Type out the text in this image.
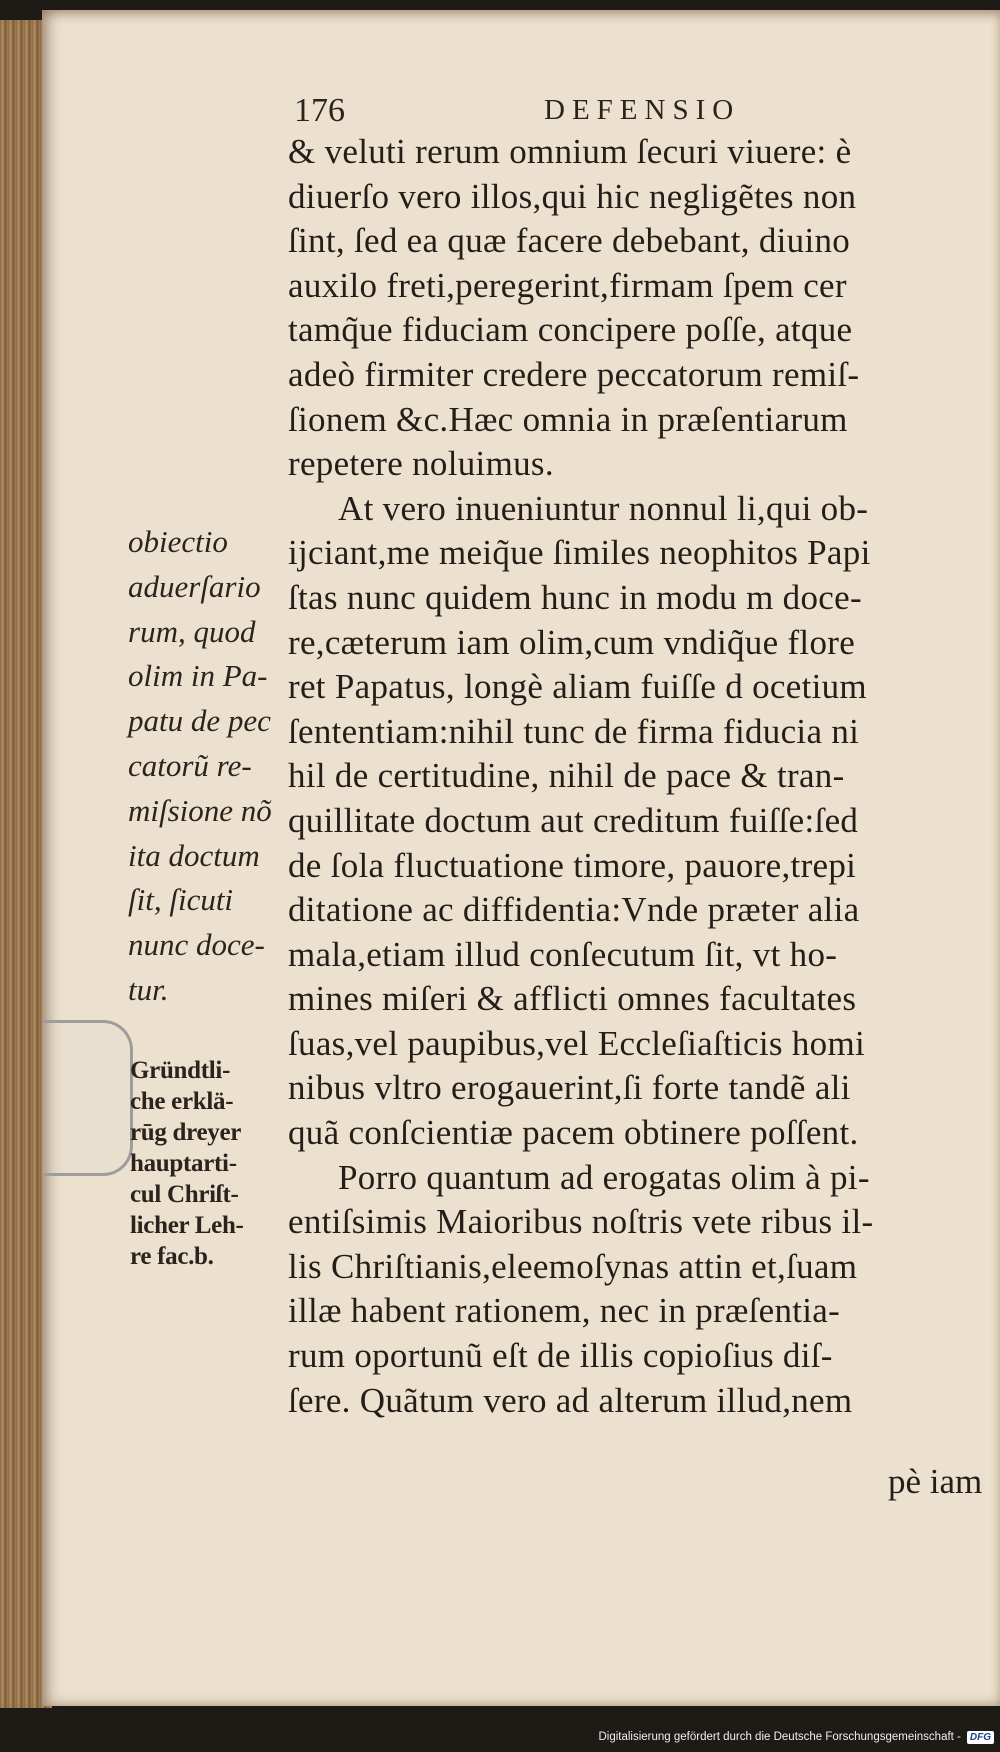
176	DEFENSIO
obiectio
aduerſario
rum, quod
olim in Pa-
patu de pec
catorũ re-
miſsione nõ
ita doctum
ſit, ſicuti
nunc doce-
tur.
Gründtli-
che erklä-
rūg dreyer
hauptarti-
cul Chriſt-
licher Leh-
re fac.b.
& veluti rerum omnium ſecuri viuere: è
diuerſo vero illos,qui hic negligẽtes non
ſint, ſed ea quæ facere debebant, diuino
auxilo freti,peregerint,firmam ſpem cer
tamq̃ue fiduciam concipere poſſe, atque
adeò firmiter credere peccatorum remiſ-
ſionem &c.Hæc omnia in præſentiarum
repetere noluimus.
At vero inueniuntur nonnul li,qui ob-
ijciant,me meiq̃ue ſimiles neophitos Papi
ſtas nunc quidem hunc in modu m doce-
re,cæterum iam olim,cum vndiq̃ue flore
ret Papatus, longè aliam fuiſſe d ocetium
ſententiam:nihil tunc de firma fiducia ni
hil de certitudine, nihil de pace & tran-
quillitate doctum aut creditum fuiſſe:ſed
de ſola fluctuatione timore, pauore,trepi
ditatione ac diffidentia:Vnde præter alia
mala,etiam illud conſecutum ſit, vt ho-
mines miſeri & afflicti omnes facultates
ſuas,vel paupibus,vel Eccleſiaſticis homi
nibus vltro erogauerint,ſi forte tandẽ ali
quã conſcientiæ pacem obtinere poſſent.
Porro quantum ad erogatas olim à pi-
entiſsimis Maioribus noſtris vete ribus il-
lis Chriſtianis,eleemoſynas attin et,ſuam
illæ habent rationem, nec in præſentia-
rum oportunũ eſt de illis copioſius diſ-
ſere. Quãtum vero ad alterum illud,nem
pè iam
Digitalisierung gefördert durch die Deutsche Forschungsgemeinschaft - DFG
